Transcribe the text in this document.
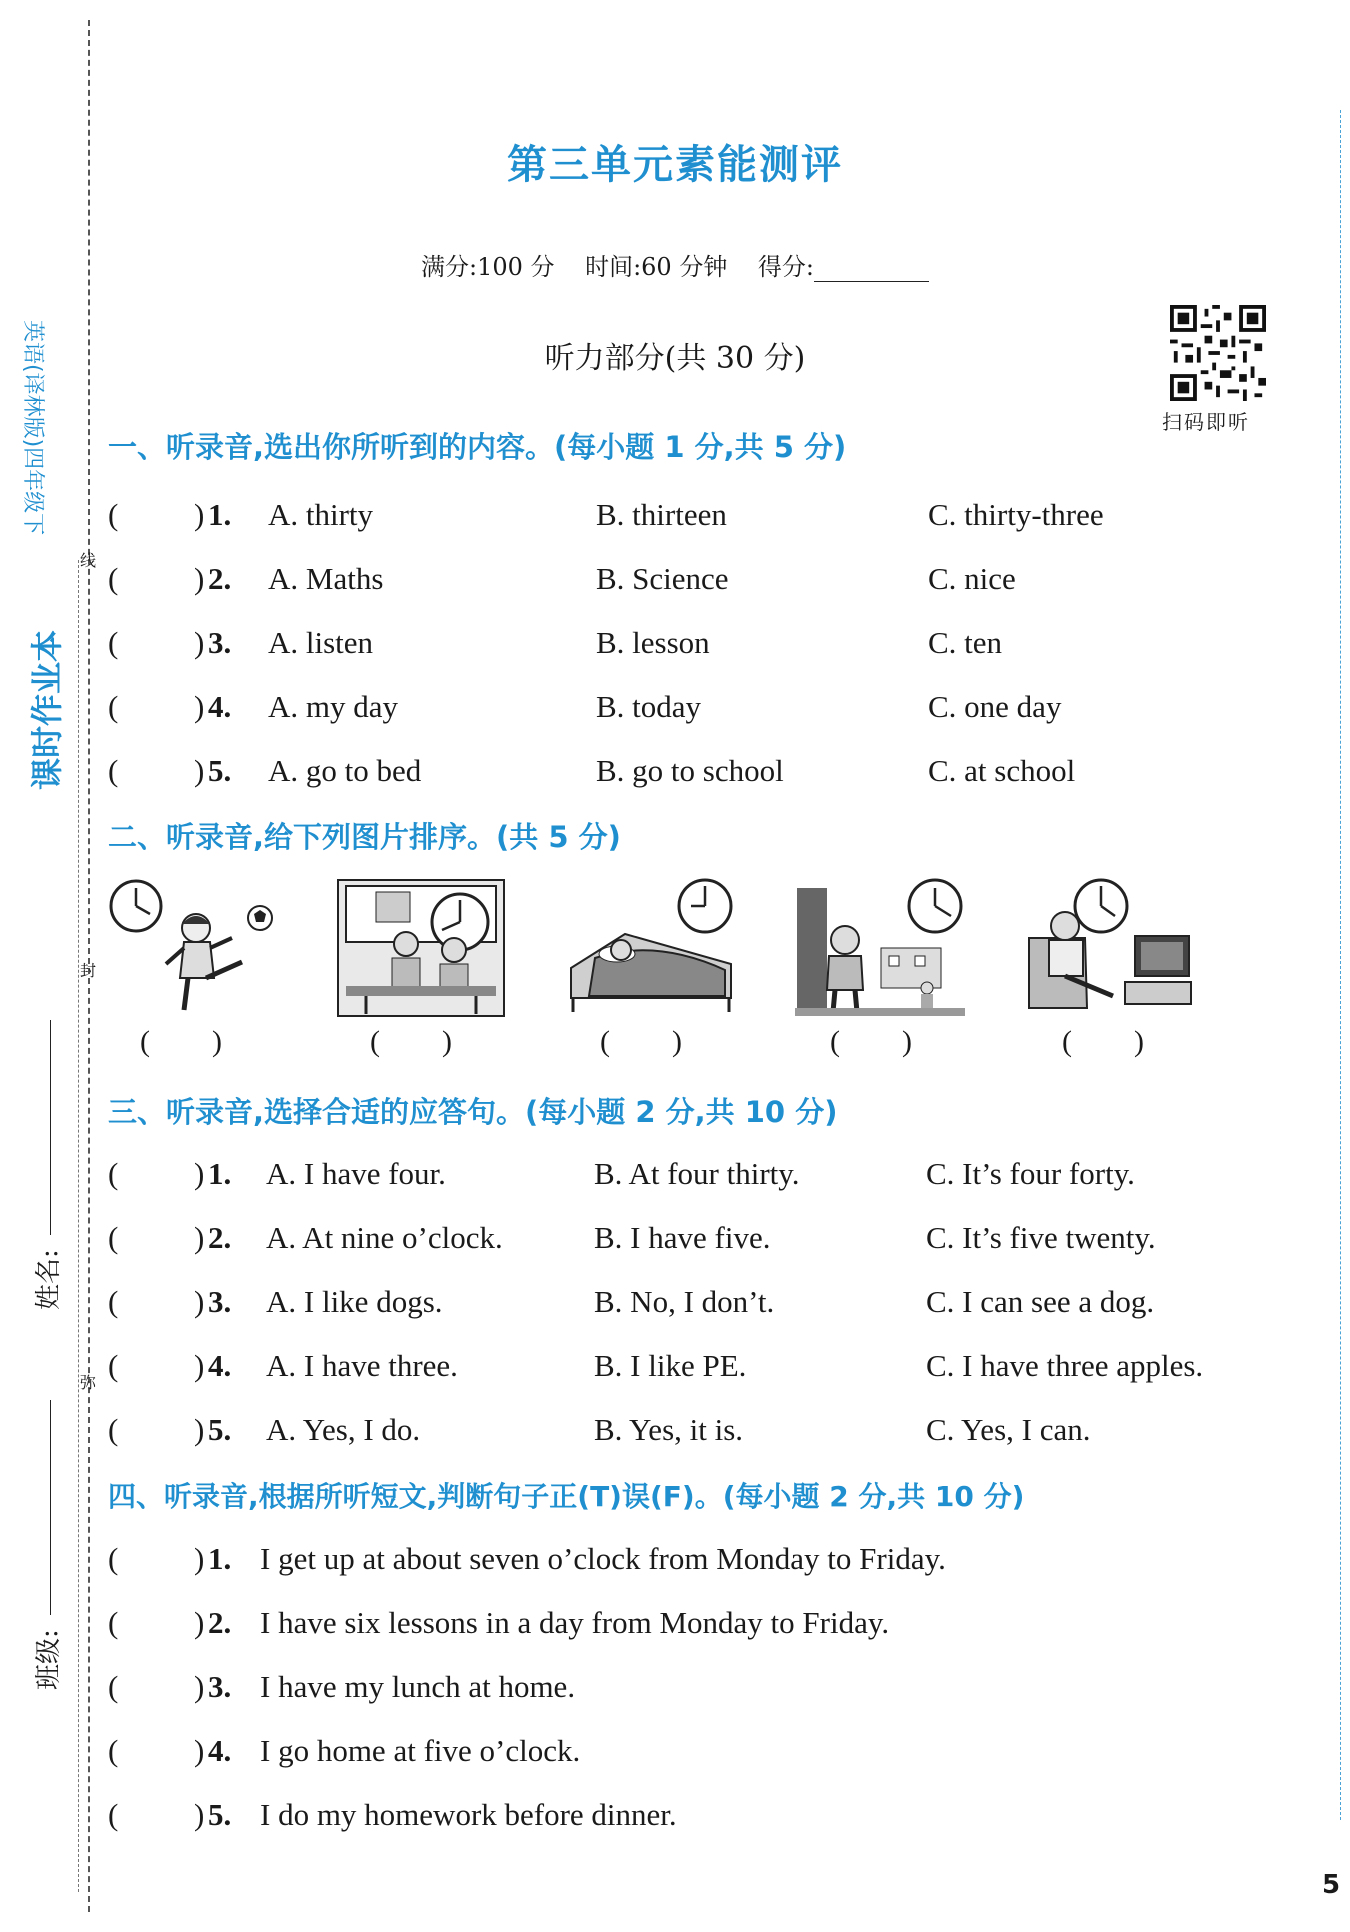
英语(译林版)四年级下
课时作业本
线
封
弥
姓名:
班级:
第三单元素能测评
满分:100 分 时间:60 分钟 得分:
听力部分(共 30 分)
扫码即听
一、听录音,选出你所听到的内容。(每小题 1 分,共 5 分)
( ) 1. A. thirty	B. thirteen	C. thirty-three
( ) 2. A. Maths	B. Science	C. nice
( ) 3. A. listen	B. lesson	C. ten
( ) 4. A. my day	B. today	C. one day
( ) 5. A. go to bed	B. go to school	C. at school
二、听录音,给下列图片排序。(共 5 分)
( )	( )	( )	( )	( )
三、听录音,选择合适的应答句。(每小题 2 分,共 10 分)
( ) 1. A. I have four.	B. At four thirty.	C. It’s four forty.
( ) 2. A. At nine o’clock.	B. I have five.	C. It’s five twenty.
( ) 3. A. I like dogs.	B. No, I don’t.	C. I can see a dog.
( ) 4. A. I have three.	B. I like PE.	C. I have three apples.
( ) 5. A. Yes, I do.	B. Yes, it is.	C. Yes, I can.
四、听录音,根据所听短文,判断句子正(T)误(F)。(每小题 2 分,共 10 分)
( ) 1. I get up at about seven o’clock from Monday to Friday.
( ) 2. I have six lessons in a day from Monday to Friday.
( ) 3. I have my lunch at home.
( ) 4. I go home at five o’clock.
( ) 5. I do my homework before dinner.
5
